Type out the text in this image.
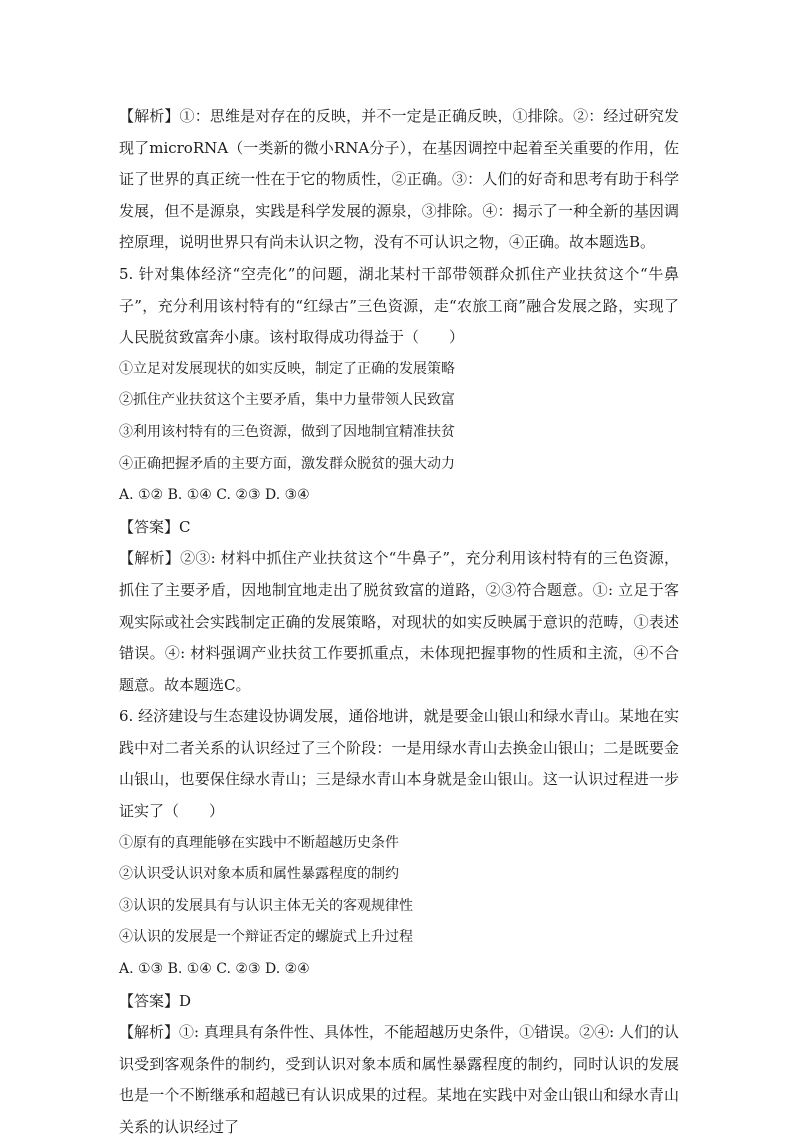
【解析】①：思维是对存在的反映，并不一定是正确反映，①排除。②：经过研究发现了microRNA（一类新的微小RNA分子），在基因调控中起着至关重要的作用，佐证了世界的真正统一性在于它的物质性，②正确。③：人们的好奇和思考有助于科学发展，但不是源泉，实践是科学发展的源泉，③排除。④：揭示了一种全新的基因调控原理，说明世界只有尚未认识之物，没有不可认识之物，④正确。故本题选B。

5. 针对集体经济“空壳化”的问题，湖北某村干部带领群众抓住产业扶贫这个“牛鼻子”，充分利用该村特有的“红绿古”三色资源，走“农旅工商”融合发展之路，实现了人民脱贫致富奔小康。该村取得成功得益于（　　）

①立足对发展现状的如实反映，制定了正确的发展策略

②抓住产业扶贫这个主要矛盾，集中力量带领人民致富

③利用该村特有的三色资源，做到了因地制宜精准扶贫

④正确把握矛盾的主要方面，激发群众脱贫的强大动力

A. ①② B. ①④ C. ②③ D. ③④

【答案】C

【解析】②③: 材料中抓住产业扶贫这个“牛鼻子”，充分利用该村特有的三色资源，抓住了主要矛盾，因地制宜地走出了脱贫致富的道路，②③符合题意。①: 立足于客观实际或社会实践制定正确的发展策略，对现状的如实反映属于意识的范畴，①表述错误。④: 材料强调产业扶贫工作要抓重点，未体现把握事物的性质和主流，④不合题意。故本题选C。

6. 经济建设与生态建设协调发展，通俗地讲，就是要金山银山和绿水青山。某地在实践中对二者关系的认识经过了三个阶段：一是用绿水青山去换金山银山；二是既要金山银山，也要保住绿水青山；三是绿水青山本身就是金山银山。这一认识过程进一步证实了（　　）

①原有的真理能够在实践中不断超越历史条件

②认识受认识对象本质和属性暴露程度的制约

③认识的发展具有与认识主体无关的客观规律性

④认识的发展是一个辩证否定的螺旋式上升过程

A. ①③ B. ①④ C. ②③ D. ②④

【答案】D

【解析】①: 真理具有条件性、具体性，不能超越历史条件，①错误。②④: 人们的认识受到客观条件的制约，受到认识对象本质和属性暴露程度的制约，同时认识的发展也是一个不断继承和超越已有认识成果的过程。某地在实践中对金山银山和绿水青山关系的认识经过了
